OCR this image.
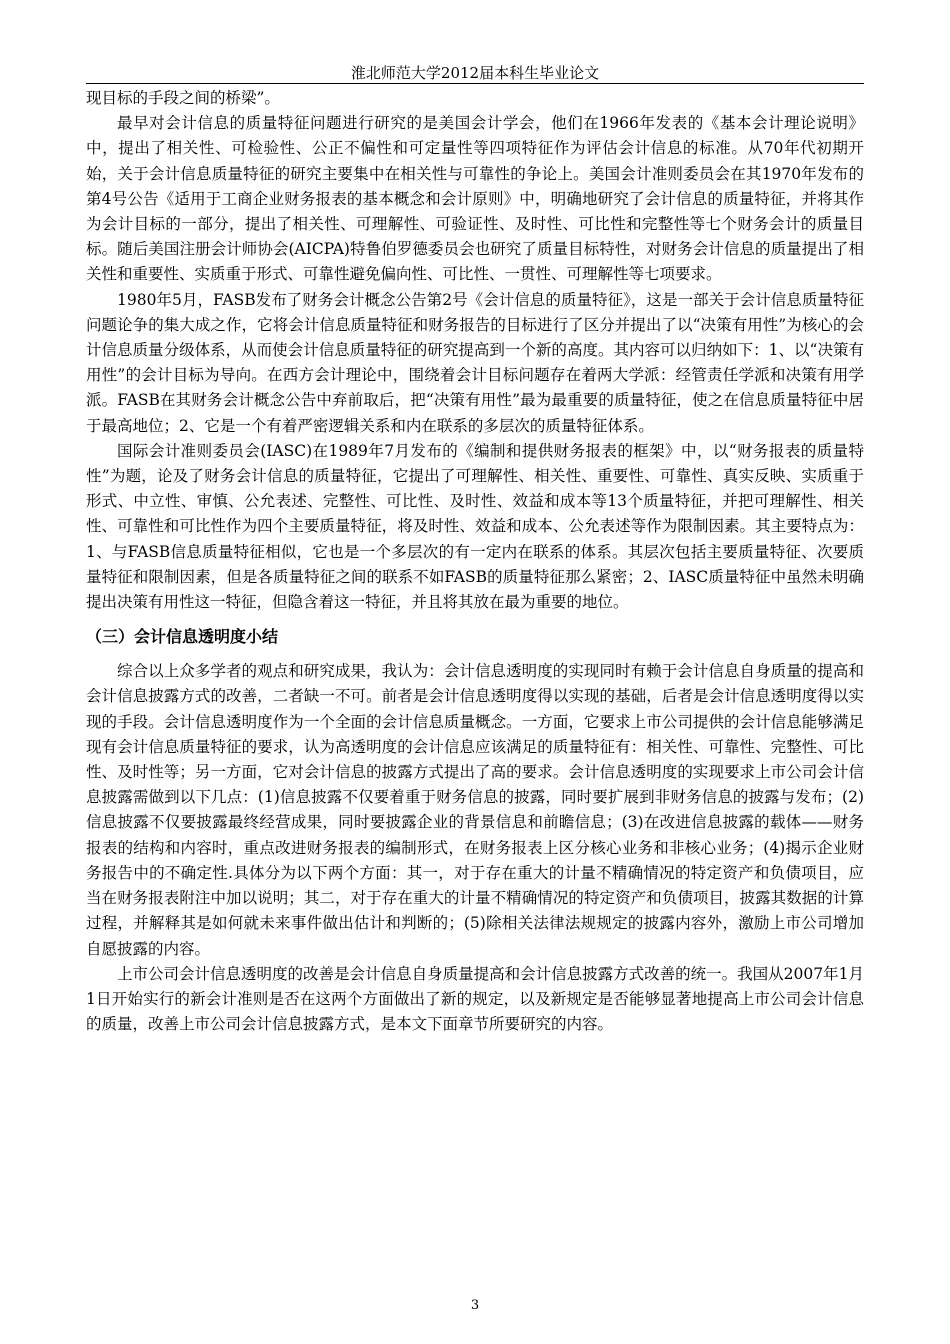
淮北师范大学2012届本科生毕业论文

现目标的手段之间的桥梁”。

最早对会计信息的质量特征问题进行研究的是美国会计学会，他们在1966年发表的《基本会计理论说明》中，提出了相关性、可检验性、公正不偏性和可定量性等四项特征作为评估会计信息的标准。从70年代初期开始，关于会计信息质量特征的研究主要集中在相关性与可靠性的争论上。美国会计准则委员会在其1970年发布的第4号公告《适用于工商企业财务报表的基本概念和会计原则》中，明确地研究了会计信息的质量特征，并将其作为会计目标的一部分，提出了相关性、可理解性、可验证性、及时性、可比性和完整性等七个财务会计的质量目标。随后美国注册会计师协会(AICPA)特鲁伯罗德委员会也研究了质量目标特性，对财务会计信息的质量提出了相关性和重要性、实质重于形式、可靠性避免偏向性、可比性、一贯性、可理解性等七项要求。

1980年5月，FASB发布了财务会计概念公告第2号《会计信息的质量特征》，这是一部关于会计信息质量特征问题论争的集大成之作，它将会计信息质量特征和财务报告的目标进行了区分并提出了以“决策有用性”为核心的会计信息质量分级体系，从而使会计信息质量特征的研究提高到一个新的高度。其内容可以归纳如下：1、以“决策有用性”的会计目标为导向。在西方会计理论中，围绕着会计目标问题存在着两大学派：经管责任学派和决策有用学派。FASB在其财务会计概念公告中弃前取后，把“决策有用性”最为最重要的质量特征，使之在信息质量特征中居于最高地位；2、它是一个有着严密逻辑关系和内在联系的多层次的质量特征体系。

国际会计准则委员会(IASC)在1989年7月发布的《编制和提供财务报表的框架》中，以“财务报表的质量特性”为题，论及了财务会计信息的质量特征，它提出了可理解性、相关性、重要性、可靠性、真实反映、实质重于形式、中立性、审慎、公允表述、完整性、可比性、及时性、效益和成本等13个质量特征，并把可理解性、相关性、可靠性和可比性作为四个主要质量特征，将及时性、效益和成本、公允表述等作为限制因素。其主要特点为：1、与FASB信息质量特征相似，它也是一个多层次的有一定内在联系的体系。其层次包括主要质量特征、次要质量特征和限制因素，但是各质量特征之间的联系不如FASB的质量特征那么紧密；2、IASC质量特征中虽然未明确提出决策有用性这一特征，但隐含着这一特征，并且将其放在最为重要的地位。

（三）会计信息透明度小结

综合以上众多学者的观点和研究成果，我认为：会计信息透明度的实现同时有赖于会计信息自身质量的提高和会计信息披露方式的改善，二者缺一不可。前者是会计信息透明度得以实现的基础，后者是会计信息透明度得以实现的手段。会计信息透明度作为一个全面的会计信息质量概念。一方面，它要求上市公司提供的会计信息能够满足现有会计信息质量特征的要求，认为高透明度的会计信息应该满足的质量特征有：相关性、可靠性、完整性、可比性、及时性等；另一方面，它对会计信息的披露方式提出了高的要求。会计信息透明度的实现要求上市公司会计信息披露需做到以下几点：(1)信息披露不仅要着重于财务信息的披露，同时要扩展到非财务信息的披露与发布；(2)信息披露不仅要披露最终经营成果，同时要披露企业的背景信息和前瞻信息；(3)在改进信息披露的载体——财务报表的结构和内容时，重点改进财务报表的编制形式，在财务报表上区分核心业务和非核心业务；(4)揭示企业财务报告中的不确定性.具体分为以下两个方面：其一，对于存在重大的计量不精确情况的特定资产和负债项目，应当在财务报表附注中加以说明；其二，对于存在重大的计量不精确情况的特定资产和负债项目，披露其数据的计算过程，并解释其是如何就未来事件做出估计和判断的；(5)除相关法律法规规定的披露内容外，激励上市公司增加自愿披露的内容。

上市公司会计信息透明度的改善是会计信息自身质量提高和会计信息披露方式改善的统一。我国从2007年1月1日开始实行的新会计准则是否在这两个方面做出了新的规定，以及新规定是否能够显著地提高上市公司会计信息的质量，改善上市公司会计信息披露方式，是本文下面章节所要研究的内容。

3
